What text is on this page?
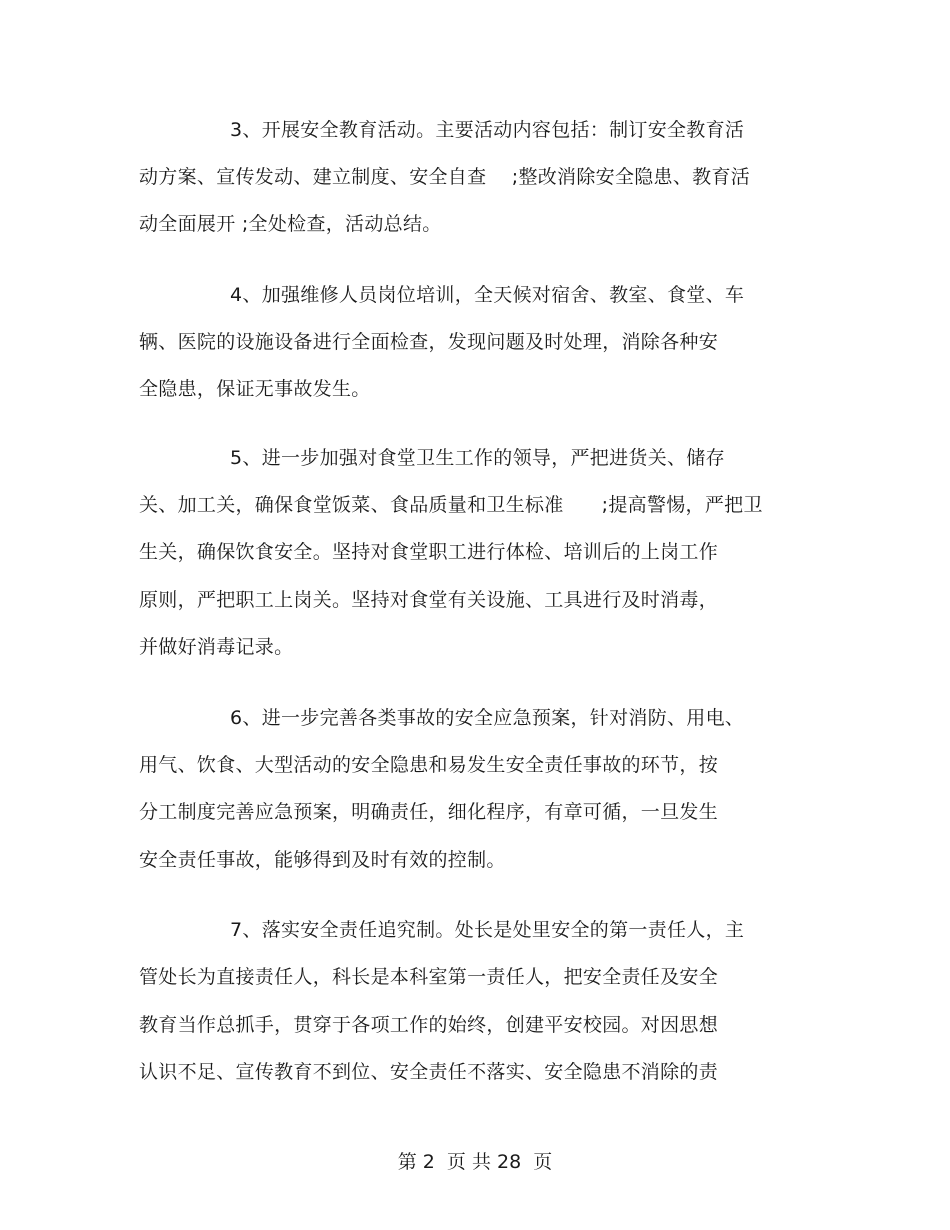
3、开展安全教育活动。主要活动内容包括：制订安全教育活
动方案、宣传发动、建立制度、安全自查    ;整改消除安全隐患、教育活
动全面展开 ;全处检查，活动总结。
4、加强维修人员岗位培训，全天候对宿舍、教室、食堂、车
辆、医院的设施设备进行全面检查，发现问题及时处理，消除各种安
全隐患，保证无事故发生。
5、进一步加强对食堂卫生工作的领导，严把进货关、储存
关、加工关，确保食堂饭菜、食品质量和卫生标准      ;提高警惕，严把卫
生关，确保饮食安全。坚持对食堂职工进行体检、培训后的上岗工作
原则，严把职工上岗关。坚持对食堂有关设施、工具进行及时消毒，
并做好消毒记录。
6、进一步完善各类事故的安全应急预案，针对消防、用电、
用气、饮食、大型活动的安全隐患和易发生安全责任事故的环节，按
分工制度完善应急预案，明确责任，细化程序，有章可循，一旦发生
安全责任事故，能够得到及时有效的控制。
7、落实安全责任追究制。处长是处里安全的第一责任人，主
管处长为直接责任人，科长是本科室第一责任人，把安全责任及安全
教育当作总抓手，贯穿于各项工作的始终，创建平安校园。对因思想
认识不足、宣传教育不到位、安全责任不落实、安全隐患不消除的责
第 2  页 共 28  页
